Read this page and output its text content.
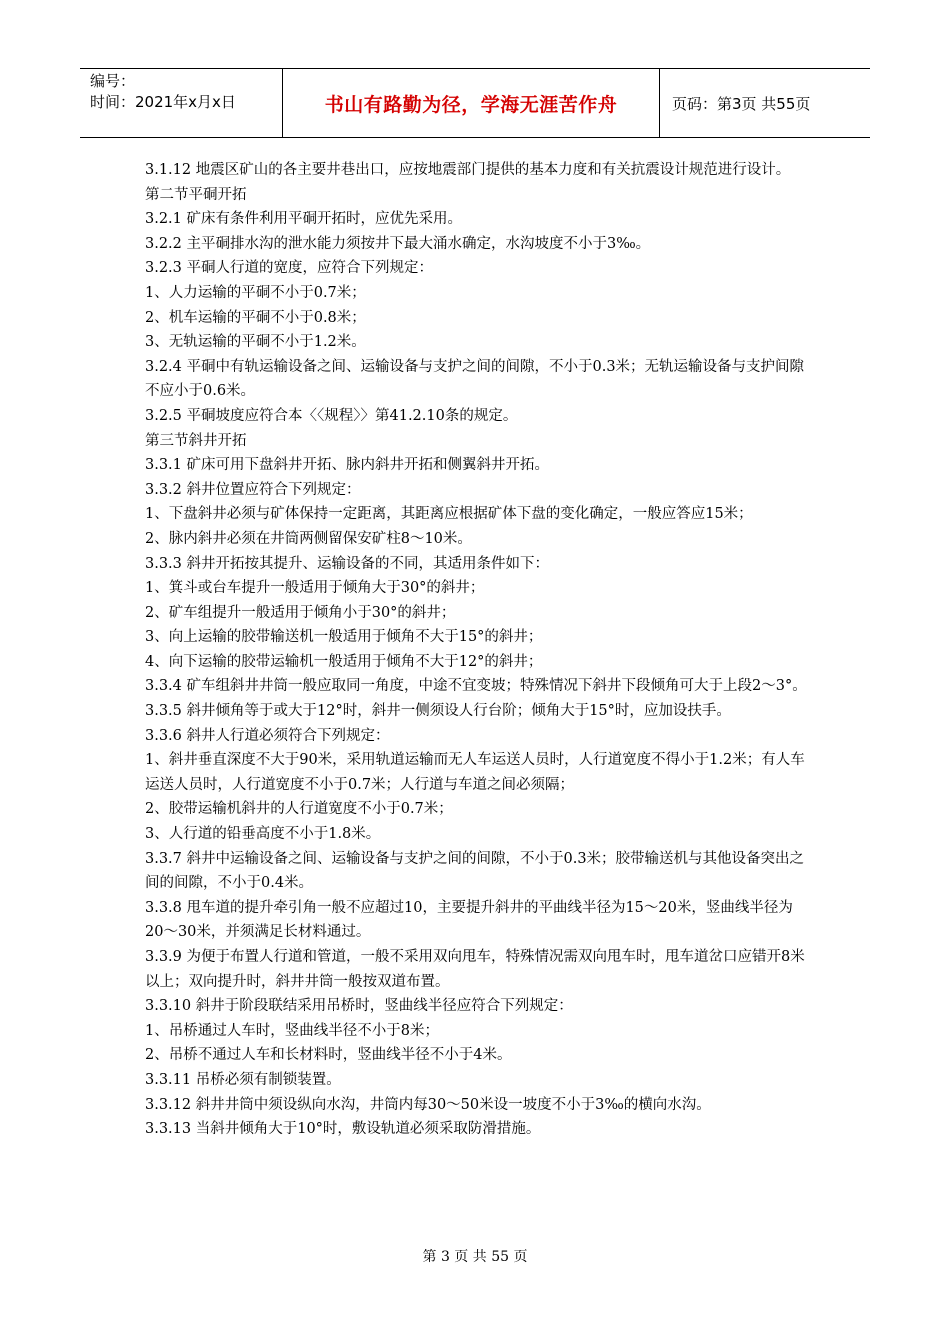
编号：
时间：2021年x月x日	书山有路勤为径，学海无涯苦作舟	页码：第3页 共55页

3.1.12 地震区矿山的各主要井巷出口，应按地震部门提供的基本力度和有关抗震设计规范进行设计。

第二节平硐开拓

3.2.1 矿床有条件利用平硐开拓时，应优先采用。

3.2.2 主平硐排水沟的泄水能力须按井下最大涌水确定，水沟坡度不小于3‰。

3.2.3 平硐人行道的宽度，应符合下列规定：

1、人力运输的平硐不小于0.7米；

2、机车运输的平硐不小于0.8米；

3、无轨运输的平硐不小于1.2米。

3.2.4 平硐中有轨运输设备之间、运输设备与支护之间的间隙，不小于0.3米；无轨运输设备与支护间隙不应小于0.6米。

3.2.5 平硐坡度应符合本〈〈规程〉〉第41.2.10条的规定。

第三节斜井开拓

3.3.1 矿床可用下盘斜井开拓、脉内斜井开拓和侧翼斜井开拓。

3.3.2 斜井位置应符合下列规定：

1、下盘斜井必须与矿体保持一定距离，其距离应根据矿体下盘的变化确定，一般应答应15米；

2、脉内斜井必须在井筒两侧留保安矿柱8～10米。

3.3.3 斜井开拓按其提升、运输设备的不同，其适用条件如下：

1、箕斗或台车提升一般适用于倾角大于30°的斜井；

2、矿车组提升一般适用于倾角小于30°的斜井；

3、向上运输的胶带输送机一般适用于倾角不大于15°的斜井；

4、向下运输的胶带运输机一般适用于倾角不大于12°的斜井；

3.3.4 矿车组斜井井筒一般应取同一角度，中途不宜变坡；特殊情况下斜井下段倾角可大于上段2～3°。

3.3.5 斜井倾角等于或大于12°时，斜井一侧须设人行台阶；倾角大于15°时，应加设扶手。

3.3.6 斜井人行道必须符合下列规定：

1、斜井垂直深度不大于90米，采用轨道运输而无人车运送人员时，人行道宽度不得小于1.2米；有人车运送人员时，人行道宽度不小于0.7米；人行道与车道之间必须隔；

2、胶带运输机斜井的人行道宽度不小于0.7米；

3、人行道的铅垂高度不小于1.8米。

3.3.7 斜井中运输设备之间、运输设备与支护之间的间隙，不小于0.3米；胶带输送机与其他设备突出之间的间隙，不小于0.4米。

3.3.8 甩车道的提升牵引角一般不应超过10，主要提升斜井的平曲线半径为15～20米，竖曲线半径为20～30米，并须满足长材料通过。

3.3.9 为便于布置人行道和管道，一般不采用双向甩车，特殊情况需双向甩车时，甩车道岔口应错开8米以上；双向提升时，斜井井筒一般按双道布置。

3.3.10 斜井于阶段联结采用吊桥时，竖曲线半径应符合下列规定：

1、吊桥通过人车时，竖曲线半径不小于8米；

2、吊桥不通过人车和长材料时，竖曲线半径不小于4米。

3.3.11 吊桥必须有制锁装置。

3.3.12 斜井井筒中须设纵向水沟，井筒内每30～50米设一坡度不小于3‰的横向水沟。

3.3.13 当斜井倾角大于10°时，敷设轨道必须采取防滑措施。

第 3 页 共 55 页
